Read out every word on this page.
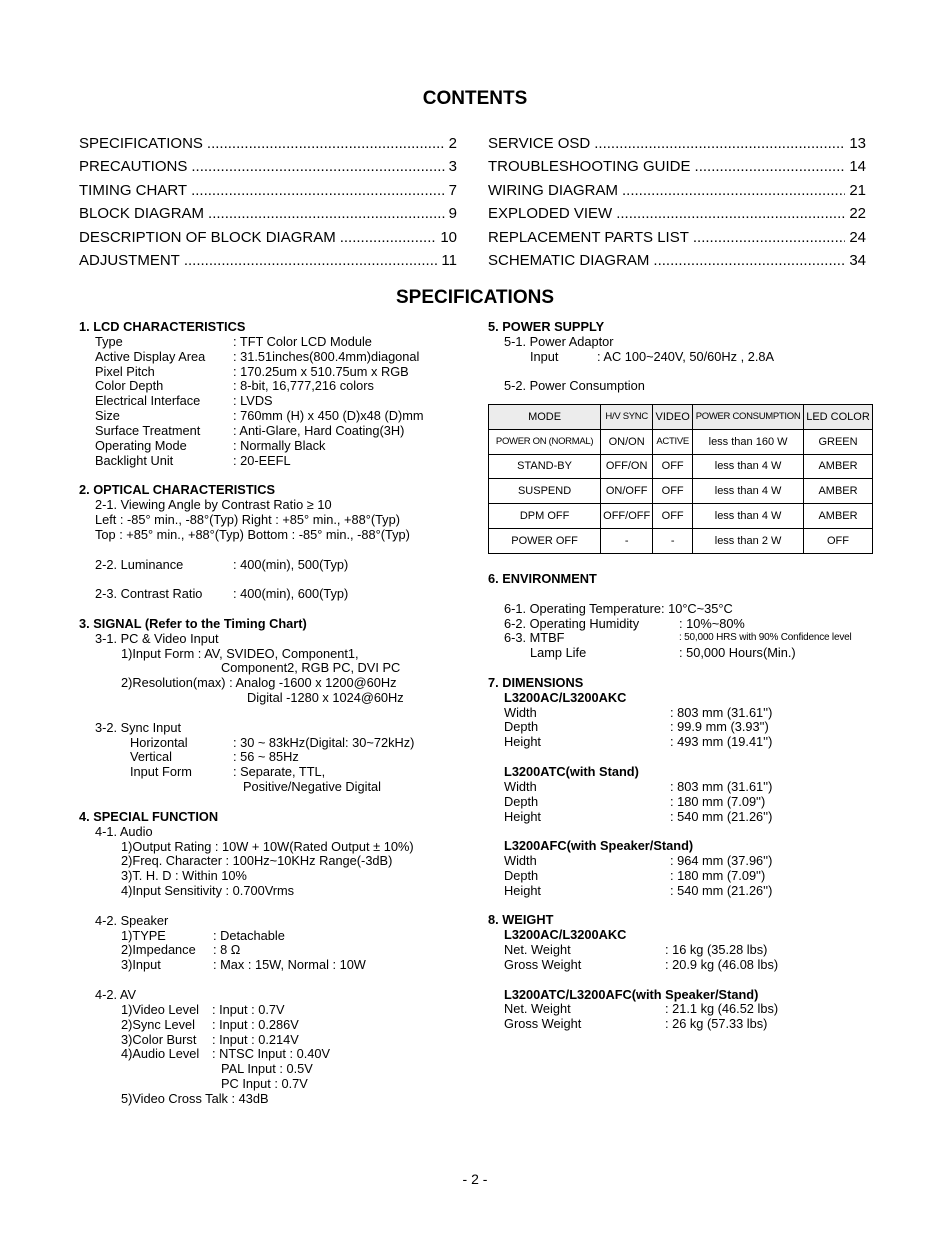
CONTENTS
SPECIFICATIONS .....	2
PRECAUTIONS .....	3
TIMING CHART .....	7
BLOCK DIAGRAM .....	9
DESCRIPTION OF BLOCK DIAGRAM .....	10
ADJUSTMENT .....	11
SERVICE OSD .....	13
TROUBLESHOOTING GUIDE .....	14
WIRING DIAGRAM .....	21
EXPLODED VIEW .....	22
REPLACEMENT PARTS LIST .....	24
SCHEMATIC DIAGRAM .....	34
SPECIFICATIONS
1. LCD CHARACTERISTICS
Type	: TFT Color LCD Module
Active Display Area : 31.51inches(800.4mm)diagonal
Pixel Pitch	: 170.25um x 510.75um x RGB
Color Depth	: 8-bit, 16,777,216 colors
Electrical Interface	: LVDS
Size	: 760mm (H) x 450 (D)x48 (D)mm
Surface Treatment	: Anti-Glare, Hard Coating(3H)
Operating Mode	: Normally Black
Backlight Unit	: 20-EEFL
2. OPTICAL CHARACTERISTICS
2-1. Viewing Angle by Contrast Ratio ≥ 10
Left : -85° min., -88°(Typ) Right : +85° min., +88°(Typ)
Top : +85° min., +88°(Typ) Bottom : -85° min., -88°(Typ)
2-2. Luminance	: 400(min), 500(Typ)
2-3. Contrast Ratio : 400(min), 600(Typ)
3. SIGNAL (Refer to the Timing Chart)
3-1. PC & Video Input
1)Input Form : AV, SVIDEO, Component1,
Component2, RGB PC, DVI PC
2)Resolution(max) : Analog -1600 x 1200@60Hz
Digital -1280 x 1024@60Hz
3-2. Sync Input
Horizontal	: 30 ~ 83kHz(Digital: 30~72kHz)
Vertical	: 56 ~ 85Hz
Input Form	: Separate, TTL,
Positive/Negative Digital
4. SPECIAL FUNCTION
4-1. Audio
1)Output Rating : 10W + 10W(Rated Output ± 10%)
2)Freq. Character : 100Hz~10KHz Range(-3dB)
3)T. H. D : Within 10%
4)Input Sensitivity : 0.700Vrms
4-2. Speaker
1)TYPE	: Detachable
2)Impedance : 8 Ω
3)Input	: Max : 15W, Normal : 10W
4-2. AV
1)Video Level : Input : 0.7V
2)Sync Level : Input : 0.286V
3)Color Burst : Input : 0.214V
4)Audio Level : NTSC Input : 0.40V
PAL Input : 0.5V
PC Input : 0.7V
5)Video Cross Talk : 43dB
5. POWER SUPPLY
5-1. Power Adaptor
Input	: AC 100~240V, 50/60Hz , 2.8A
5-2. Power Consumption
MODE	H/V SYNC	VIDEO	POWER CONSUMPTION	LED COLOR
POWER ON (NORMAL)	ON/ON	ACTIVE	less than 160 W	GREEN
STAND-BY	OFF/ON	OFF	less than 4 W	AMBER
SUSPEND	ON/OFF	OFF	less than 4 W	AMBER
DPM OFF	OFF/OFF	OFF	less than 4 W	AMBER
POWER OFF	-	-	less than 2 W	OFF
6. ENVIRONMENT
6-1. Operating Temperature: 10°C~35°C
6-2. Operating Humidity	: 10%~80%
6-3. MTBF	: 50,000 HRS with 90% Confidence level
Lamp Life	: 50,000 Hours(Min.)
7. DIMENSIONS
L3200AC/L3200AKC
Width	: 803 mm (31.61'')
Depth	: 99.9 mm (3.93'')
Height	: 493 mm (19.41'')
L3200ATC(with Stand)
Width	: 803 mm (31.61'')
Depth	: 180 mm (7.09'')
Height	: 540 mm (21.26'')
L3200AFC(with Speaker/Stand)
Width	: 964 mm (37.96'')
Depth	: 180 mm (7.09'')
Height	: 540 mm (21.26'')
8. WEIGHT
L3200AC/L3200AKC
Net. Weight	: 16 kg (35.28 lbs)
Gross Weight	: 20.9 kg (46.08 lbs)
L3200ATC/L3200AFC(with Speaker/Stand)
Net. Weight	: 21.1 kg (46.52 lbs)
Gross Weight	: 26 kg (57.33 lbs)
- 2 -
